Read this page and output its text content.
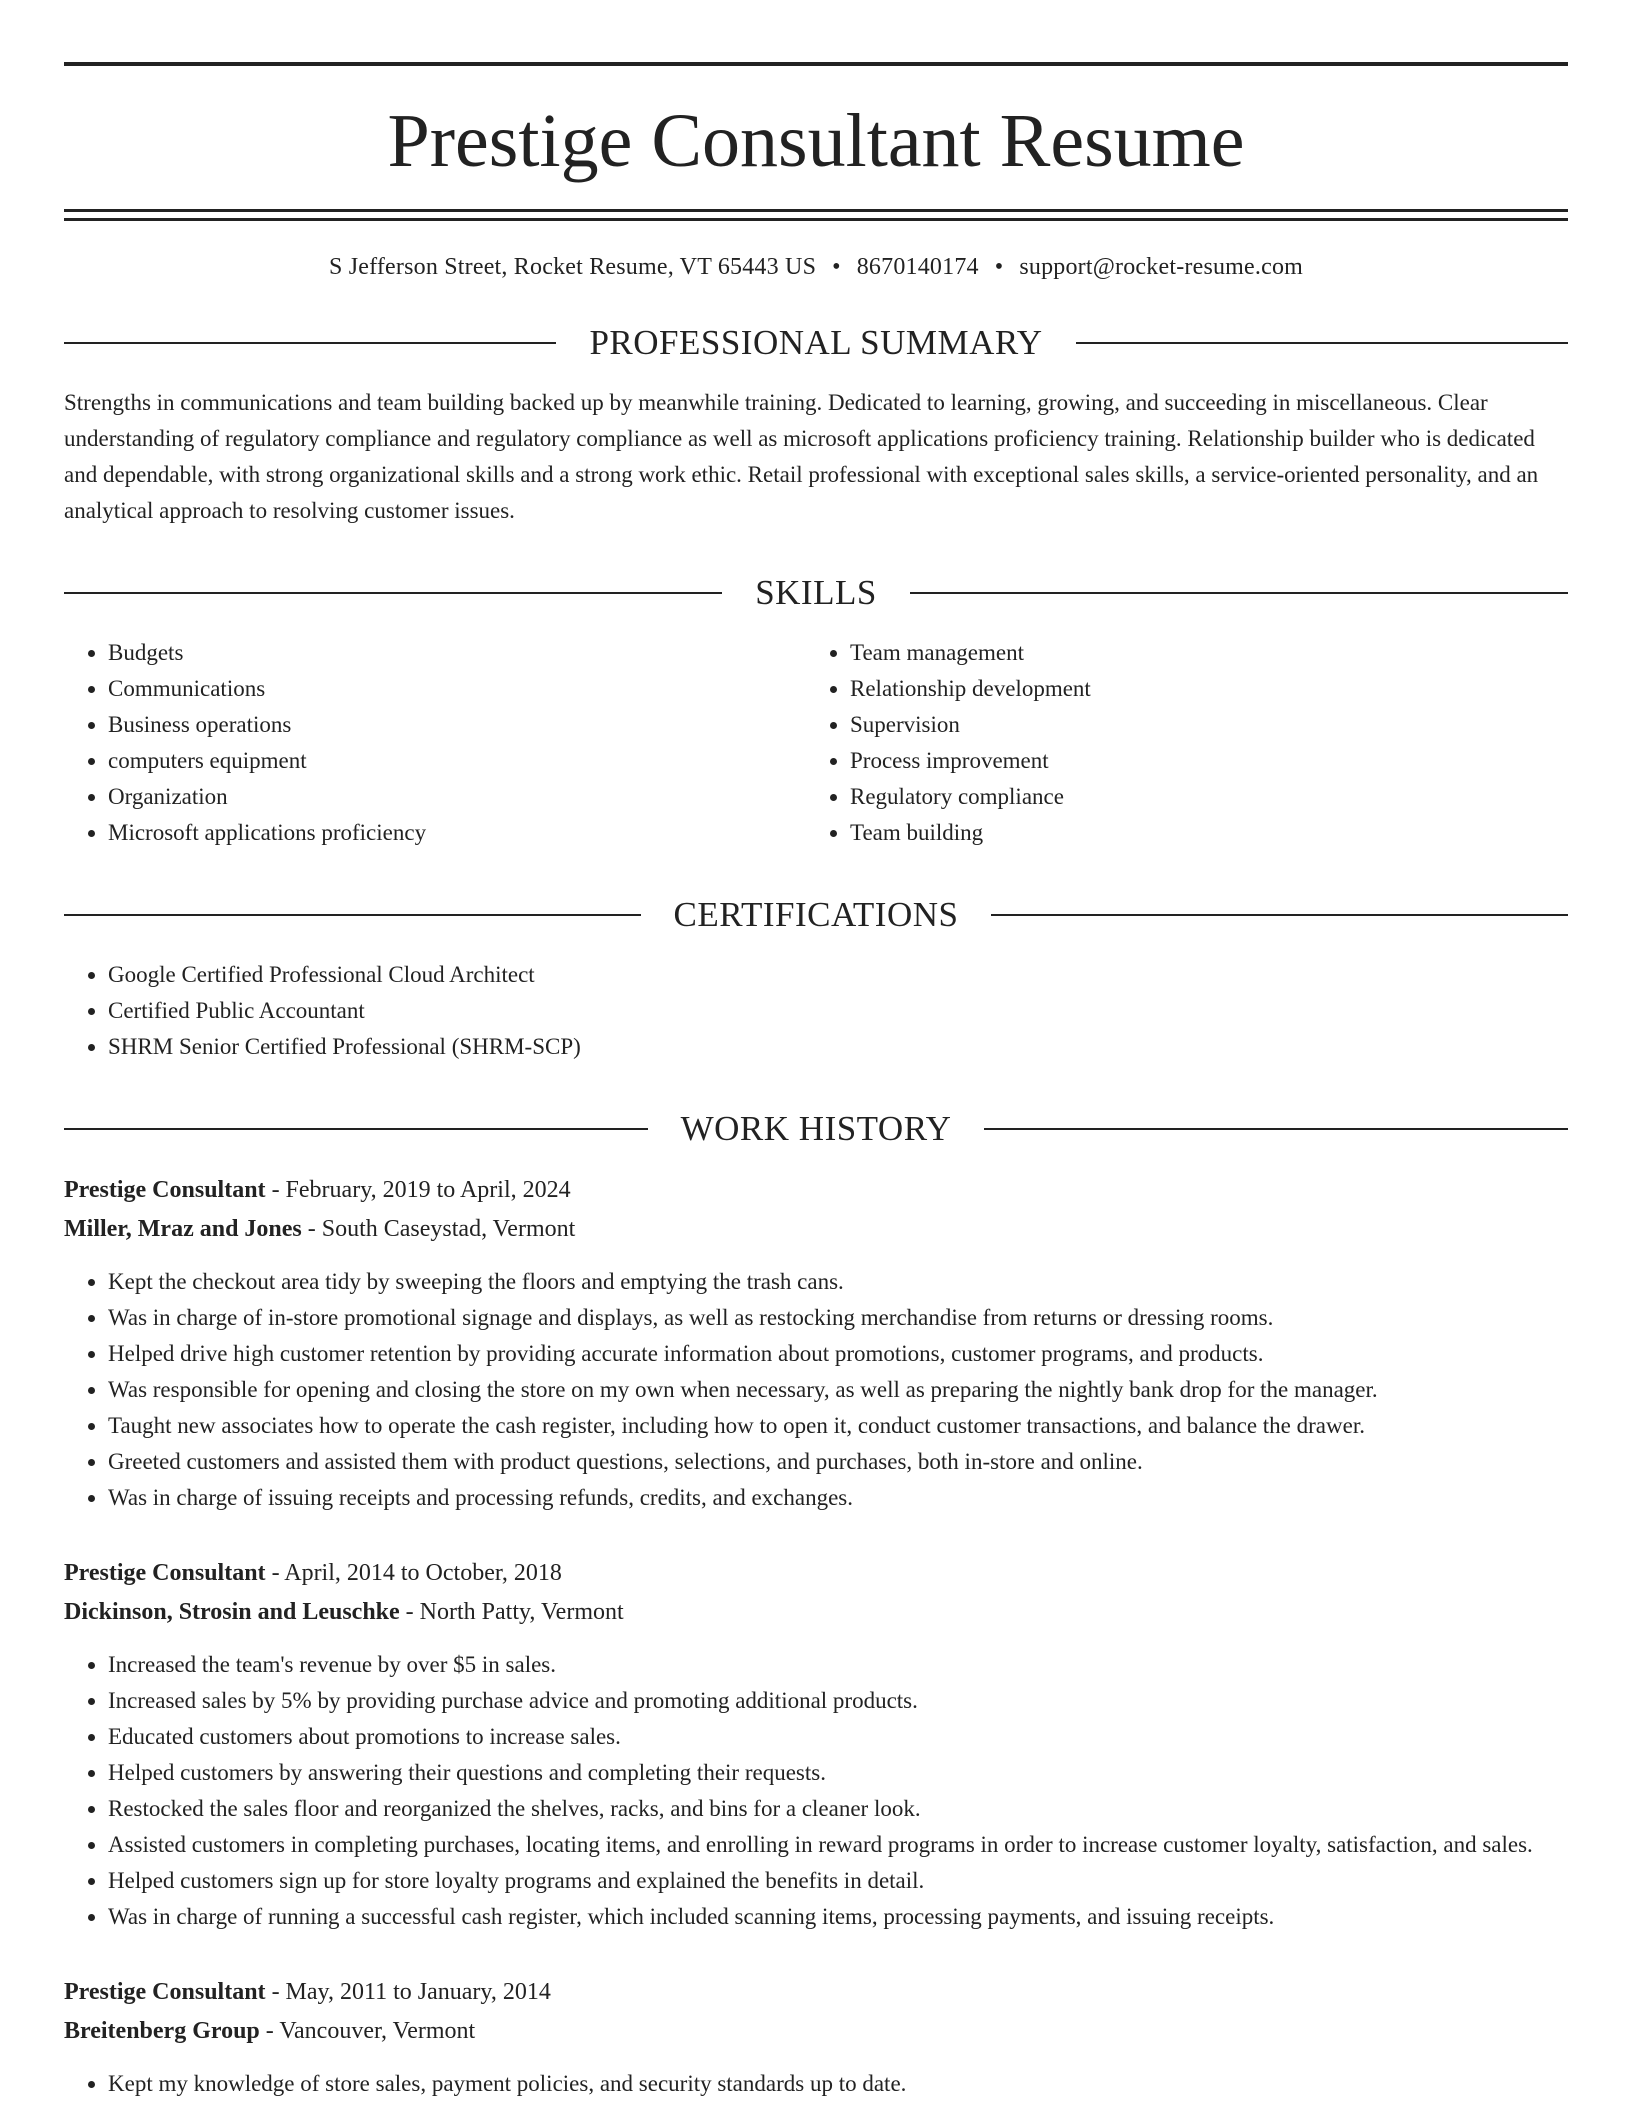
Prestige Consultant Resume
S Jefferson Street, Rocket Resume, VT 65443 US • 8670140174 • support@rocket-resume.com
PROFESSIONAL SUMMARY
Strengths in communications and team building backed up by meanwhile training. Dedicated to learning, growing, and succeeding in miscellaneous. Clear understanding of regulatory compliance and regulatory compliance as well as microsoft applications proficiency training. Relationship builder who is dedicated and dependable, with strong organizational skills and a strong work ethic. Retail professional with exceptional sales skills, a service-oriented personality, and an analytical approach to resolving customer issues.
SKILLS
• Budgets
• Communications
• Business operations
• computers equipment
• Organization
• Microsoft applications proficiency
• Team management
• Relationship development
• Supervision
• Process improvement
• Regulatory compliance
• Team building
CERTIFICATIONS
• Google Certified Professional Cloud Architect
• Certified Public Accountant
• SHRM Senior Certified Professional (SHRM-SCP)
WORK HISTORY
Prestige Consultant - February, 2019 to April, 2024
Miller, Mraz and Jones - South Caseystad, Vermont
• Kept the checkout area tidy by sweeping the floors and emptying the trash cans.
• Was in charge of in-store promotional signage and displays, as well as restocking merchandise from returns or dressing rooms.
• Helped drive high customer retention by providing accurate information about promotions, customer programs, and products.
• Was responsible for opening and closing the store on my own when necessary, as well as preparing the nightly bank drop for the manager.
• Taught new associates how to operate the cash register, including how to open it, conduct customer transactions, and balance the drawer.
• Greeted customers and assisted them with product questions, selections, and purchases, both in-store and online.
• Was in charge of issuing receipts and processing refunds, credits, and exchanges.
Prestige Consultant - April, 2014 to October, 2018
Dickinson, Strosin and Leuschke - North Patty, Vermont
• Increased the team's revenue by over $5 in sales.
• Increased sales by 5% by providing purchase advice and promoting additional products.
• Educated customers about promotions to increase sales.
• Helped customers by answering their questions and completing their requests.
• Restocked the sales floor and reorganized the shelves, racks, and bins for a cleaner look.
• Assisted customers in completing purchases, locating items, and enrolling in reward programs in order to increase customer loyalty, satisfaction, and sales.
• Helped customers sign up for store loyalty programs and explained the benefits in detail.
• Was in charge of running a successful cash register, which included scanning items, processing payments, and issuing receipts.
Prestige Consultant - May, 2011 to January, 2014
Breitenberg Group - Vancouver, Vermont
• Kept my knowledge of store sales, payment policies, and security standards up to date.
